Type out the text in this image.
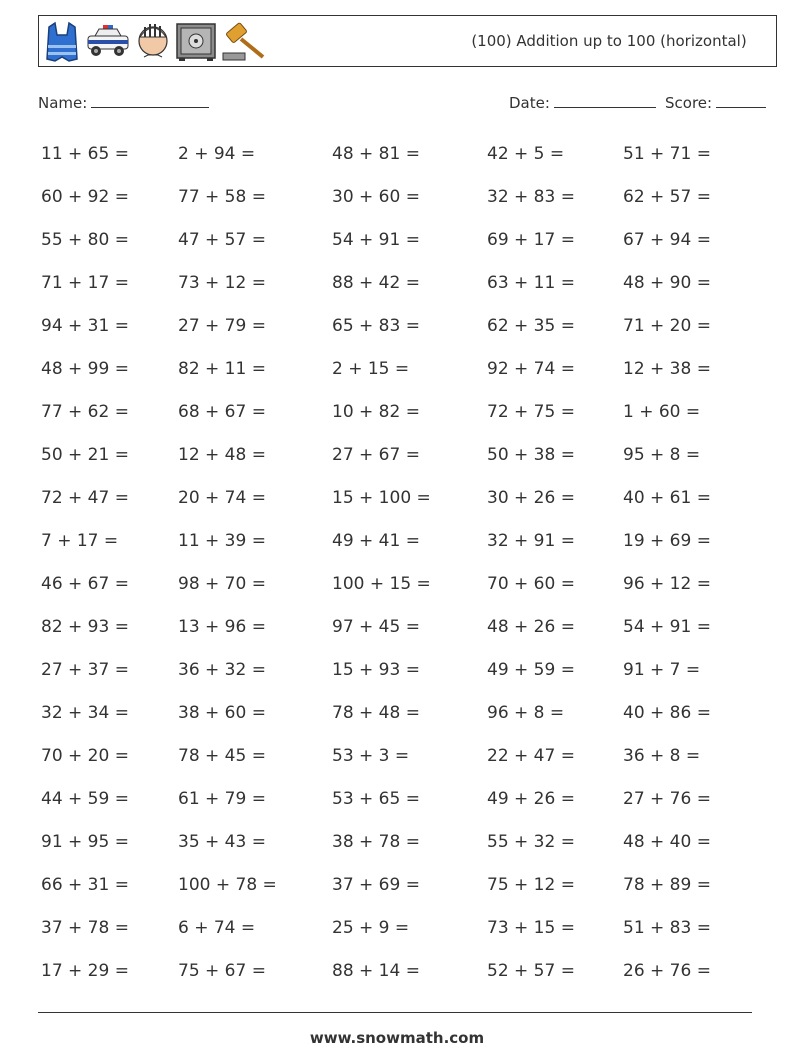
(100) Addition up to 100 (horizontal)
Name:	Date:	Score:
11 + 65 =	2 + 94 =	48 + 81 =	42 + 5 =	51 + 71 =
60 + 92 =	77 + 58 =	30 + 60 =	32 + 83 =	62 + 57 =
55 + 80 =	47 + 57 =	54 + 91 =	69 + 17 =	67 + 94 =
71 + 17 =	73 + 12 =	88 + 42 =	63 + 11 =	48 + 90 =
94 + 31 =	27 + 79 =	65 + 83 =	62 + 35 =	71 + 20 =
48 + 99 =	82 + 11 =	2 + 15 =	92 + 74 =	12 + 38 =
77 + 62 =	68 + 67 =	10 + 82 =	72 + 75 =	1 + 60 =
50 + 21 =	12 + 48 =	27 + 67 =	50 + 38 =	95 + 8 =
72 + 47 =	20 + 74 =	15 + 100 =	30 + 26 =	40 + 61 =
7 + 17 =	11 + 39 =	49 + 41 =	32 + 91 =	19 + 69 =
46 + 67 =	98 + 70 =	100 + 15 =	70 + 60 =	96 + 12 =
82 + 93 =	13 + 96 =	97 + 45 =	48 + 26 =	54 + 91 =
27 + 37 =	36 + 32 =	15 + 93 =	49 + 59 =	91 + 7 =
32 + 34 =	38 + 60 =	78 + 48 =	96 + 8 =	40 + 86 =
70 + 20 =	78 + 45 =	53 + 3 =	22 + 47 =	36 + 8 =
44 + 59 =	61 + 79 =	53 + 65 =	49 + 26 =	27 + 76 =
91 + 95 =	35 + 43 =	38 + 78 =	55 + 32 =	48 + 40 =
66 + 31 =	100 + 78 =	37 + 69 =	75 + 12 =	78 + 89 =
37 + 78 =	6 + 74 =	25 + 9 =	73 + 15 =	51 + 83 =
17 + 29 =	75 + 67 =	88 + 14 =	52 + 57 =	26 + 76 =
www.snowmath.com
